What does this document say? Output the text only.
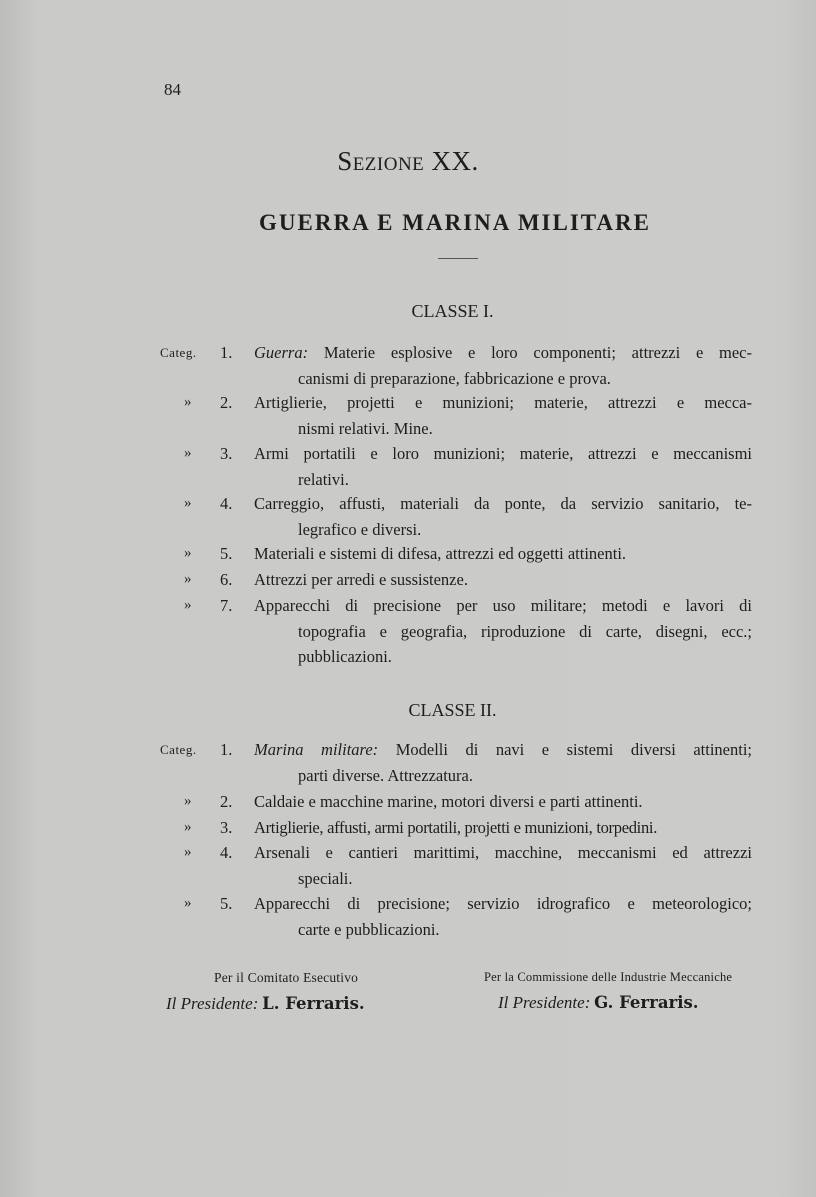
84
Sezione XX.
GUERRA E MARINA MILITARE
CLASSE I.
Categ. 1. Guerra: Materie esplosive e loro componenti; attrezzi e mec-
canismi di preparazione, fabbricazione e prova.
» 2. Artiglierie, projetti e munizioni; materie, attrezzi e mecca-
nismi relativi. Mine.
» 3. Armi portatili e loro munizioni; materie, attrezzi e meccanismi
relativi.
» 4. Carreggio, affusti, materiali da ponte, da servizio sanitario, te-
legrafico e diversi.
» 5. Materiali e sistemi di difesa, attrezzi ed oggetti attinenti.
» 6. Attrezzi per arredi e sussistenze.
» 7. Apparecchi di precisione per uso militare; metodi e lavori di
topografia e geografia, riproduzione di carte, disegni, ecc.;
pubblicazioni.
CLASSE II.
Categ. 1. Marina militare: Modelli di navi e sistemi diversi attinenti;
parti diverse. Attrezzatura.
» 2. Caldaie e macchine marine, motori diversi e parti attinenti.
» 3. Artiglierie, affusti, armi portatili, projetti e munizioni, torpedini.
» 4. Arsenali e cantieri marittimi, macchine, meccanismi ed attrezzi
speciali.
» 5. Apparecchi di precisione; servizio idrografico e meteorologico;
carte e pubblicazioni.
Per il Comitato Esecutivo
Il Presidente: L. Ferraris.
Per la Commissione delle Industrie Meccaniche
Il Presidente: G. Ferraris.
